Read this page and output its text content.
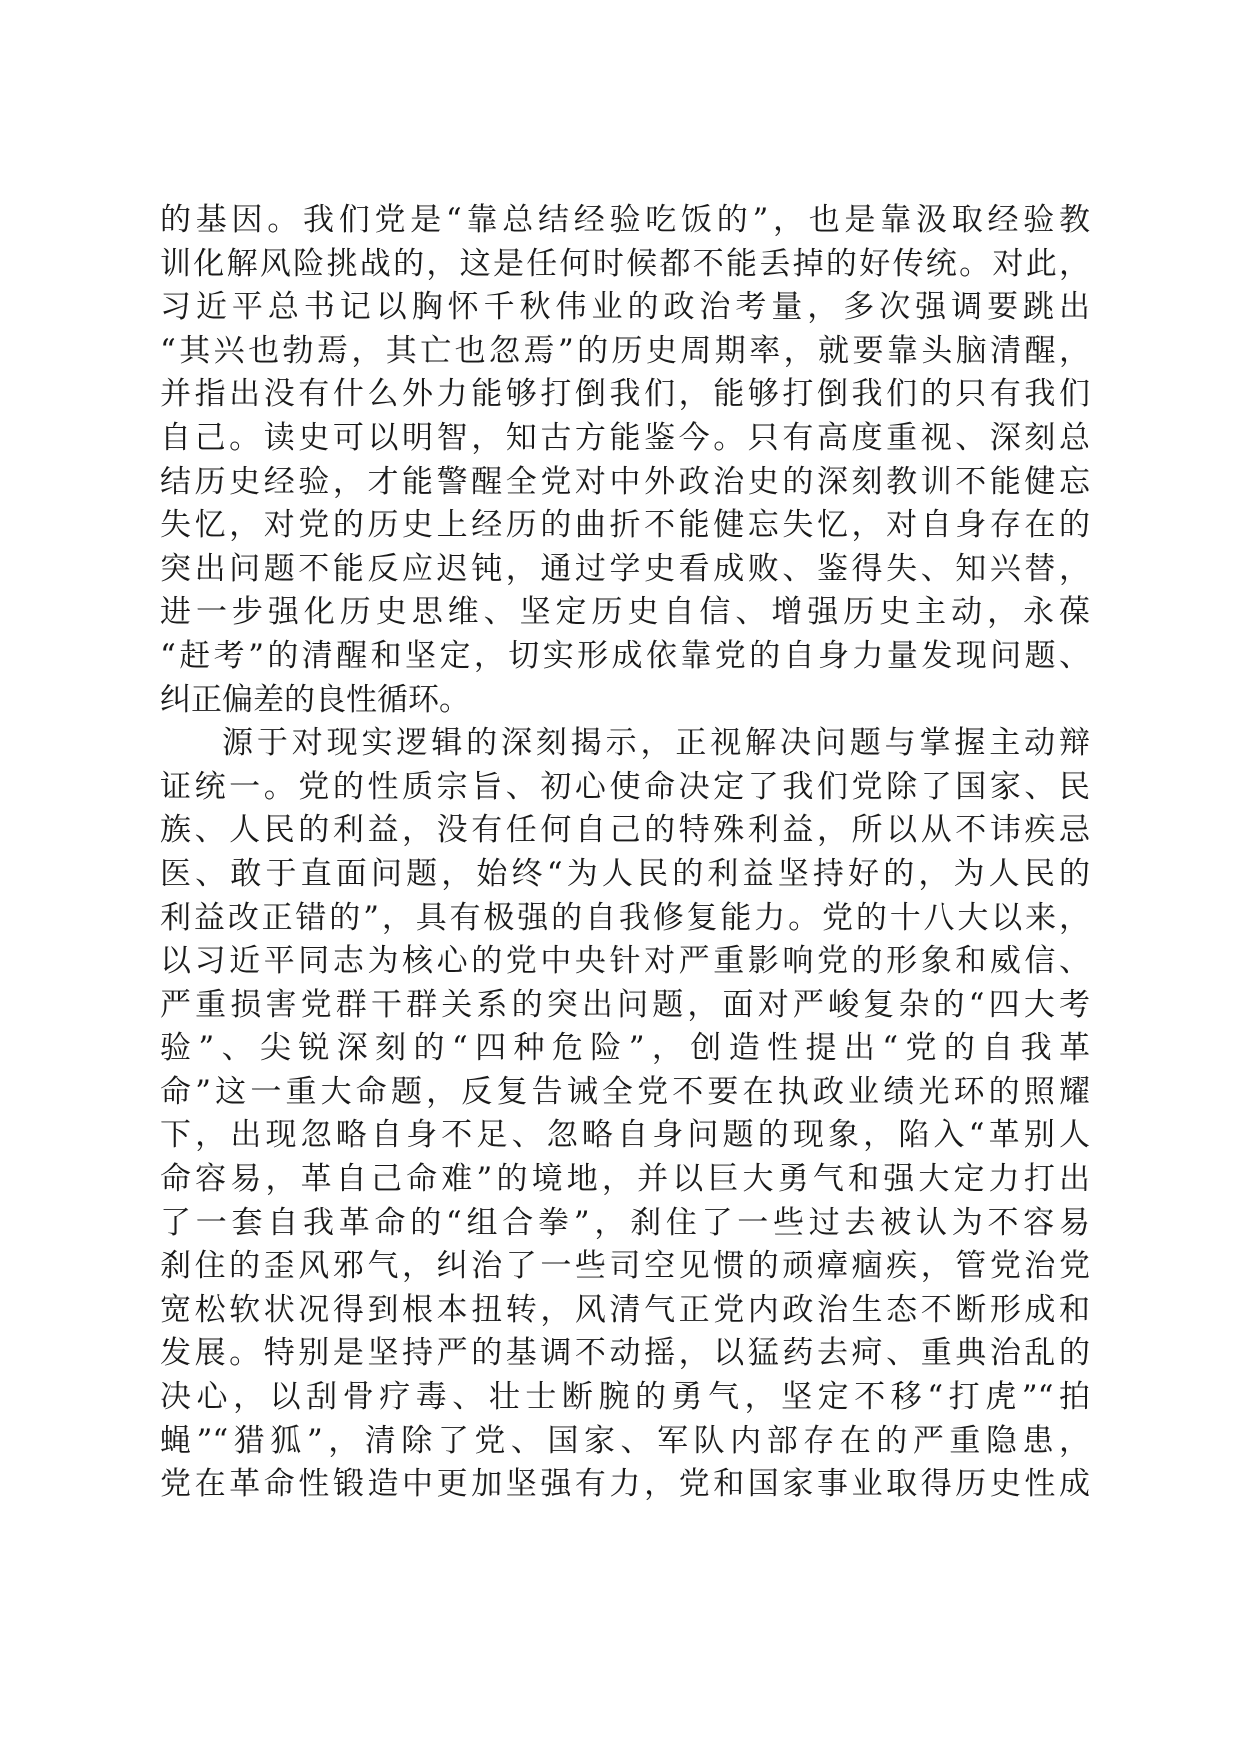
的基因。我们党是“靠总结经验吃饭的”，也是靠汲取经验教
训化解风险挑战的，这是任何时候都不能丢掉的好传统。对此，
习近平总书记以胸怀千秋伟业的政治考量，多次强调要跳出
“其兴也勃焉，其亡也忽焉”的历史周期率，就要靠头脑清醒，
并指出没有什么外力能够打倒我们，能够打倒我们的只有我们
自己。读史可以明智，知古方能鉴今。只有高度重视、深刻总
结历史经验，才能警醒全党对中外政治史的深刻教训不能健忘
失忆，对党的历史上经历的曲折不能健忘失忆，对自身存在的
突出问题不能反应迟钝，通过学史看成败、鉴得失、知兴替，
进一步强化历史思维、坚定历史自信、增强历史主动，永葆
“赶考”的清醒和坚定，切实形成依靠党的自身力量发现问题、
纠正偏差的良性循环。
源于对现实逻辑的深刻揭示，正视解决问题与掌握主动辩
证统一。党的性质宗旨、初心使命决定了我们党除了国家、民
族、人民的利益，没有任何自己的特殊利益，所以从不讳疾忌
医、敢于直面问题，始终“为人民的利益坚持好的，为人民的
利益改正错的”，具有极强的自我修复能力。党的十八大以来，
以习近平同志为核心的党中央针对严重影响党的形象和威信、
严重损害党群干群关系的突出问题，面对严峻复杂的“四大考
验”、尖锐深刻的“四种危险”，创造性提出“党的自我革
命”这一重大命题，反复告诫全党不要在执政业绩光环的照耀
下，出现忽略自身不足、忽略自身问题的现象，陷入“革别人
命容易，革自己命难”的境地，并以巨大勇气和强大定力打出
了一套自我革命的“组合拳”，刹住了一些过去被认为不容易
刹住的歪风邪气，纠治了一些司空见惯的顽瘴痼疾，管党治党
宽松软状况得到根本扭转，风清气正党内政治生态不断形成和
发展。特别是坚持严的基调不动摇，以猛药去疴、重典治乱的
决心，以刮骨疗毒、壮士断腕的勇气，坚定不移“打虎”“拍
蝇”“猎狐”，清除了党、国家、军队内部存在的严重隐患，
党在革命性锻造中更加坚强有力，党和国家事业取得历史性成
